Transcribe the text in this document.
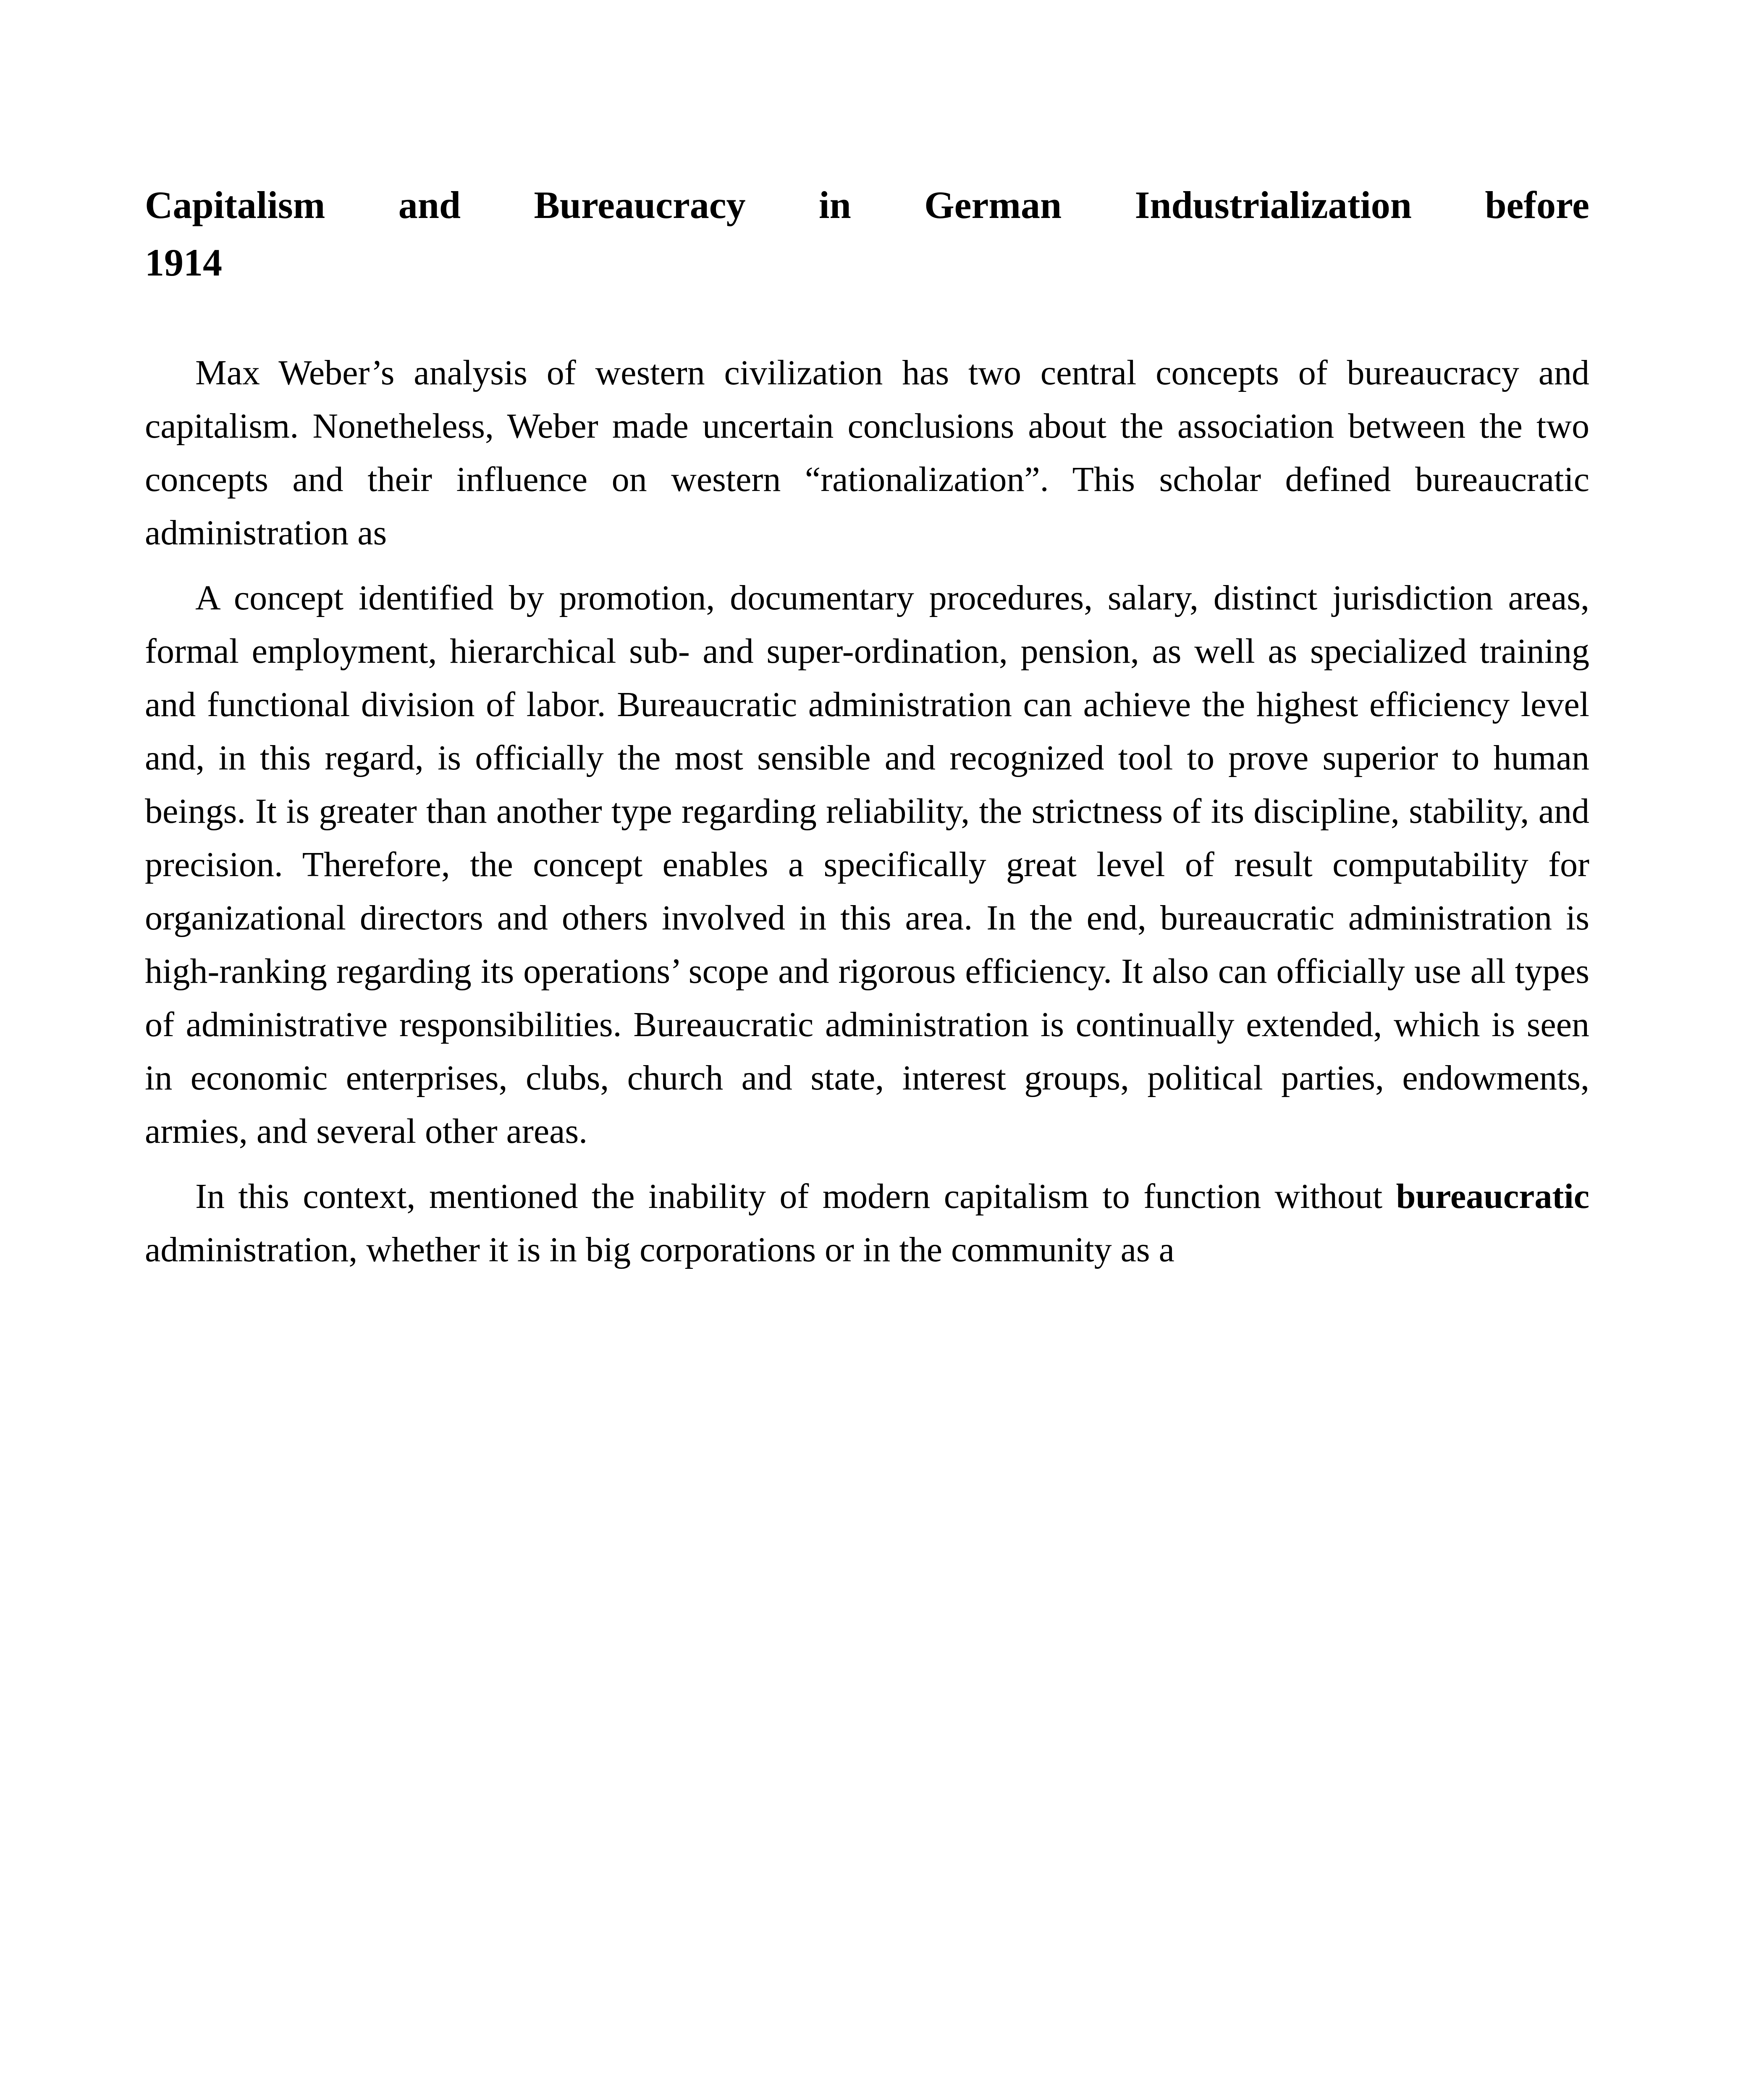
Capitalism and Bureaucracy in German Industrialization before
1914

Max Weber’s analysis of western civilization has two central concepts of bureaucracy and capitalism. Nonetheless, Weber made uncertain conclusions about the association between the two concepts and their influence on western “rationalization”. This scholar defined bureaucratic administration as

A concept identified by promotion, documentary procedures, salary, distinct jurisdiction areas, formal employment, hierarchical sub- and super-ordination, pension, as well as specialized training and functional division of labor. Bureaucratic administration can achieve the highest efficiency level and, in this regard, is officially the most sensible and recognized tool to prove superior to human beings. It is greater than another type regarding reliability, the strictness of its discipline, stability, and precision. Therefore, the concept enables a specifically great level of result computability for organizational directors and others involved in this area. In the end, bureaucratic administration is high-ranking regarding its operations’ scope and rigorous efficiency. It also can officially use all types of administrative responsibilities. Bureaucratic administration is continually extended, which is seen in economic enterprises, clubs, church and state, interest groups, political parties, endowments, armies, and several other areas.

In this context, mentioned the inability of modern capitalism to function without bureaucratic administration, whether it is in big corporations or in the community as a
